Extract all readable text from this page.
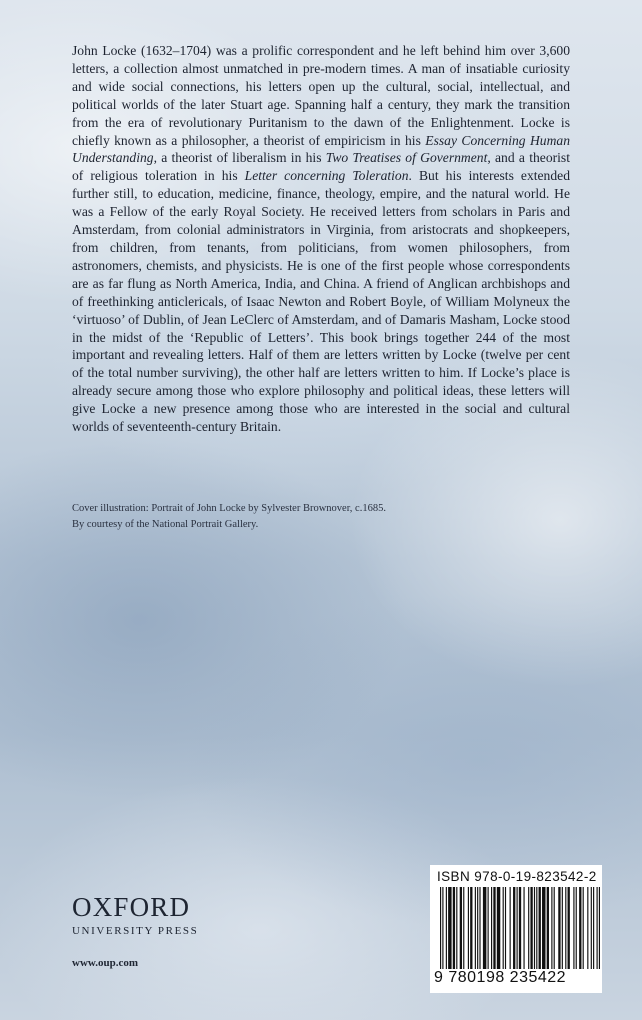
John Locke (1632–1704) was a prolific correspondent and he left behind him over 3,600 letters, a collection almost unmatched in pre-modern times. A man of insatiable curiosity and wide social connections, his letters open up the cultural, social, intellectual, and political worlds of the later Stuart age. Spanning half a century, they mark the transition from the era of revolutionary Puritanism to the dawn of the Enlightenment. Locke is chiefly known as a philosopher, a theorist of empiricism in his Essay Concerning Human Understanding, a theorist of liberalism in his Two Treatises of Government, and a theorist of religious toleration in his Letter concerning Toleration. But his interests extended further still, to education, medicine, finance, theology, empire, and the natural world. He was a Fellow of the early Royal Society. He received letters from scholars in Paris and Amsterdam, from colonial administrators in Virginia, from aristocrats and shopkeepers, from children, from tenants, from politicians, from women philosophers, from astronomers, chemists, and physicists. He is one of the first people whose correspondents are as far flung as North America, India, and China. A friend of Anglican archbishops and of freethinking anticlericals, of Isaac Newton and Robert Boyle, of William Molyneux the ‘virtuoso’ of Dublin, of Jean LeClerc of Amsterdam, and of Damaris Masham, Locke stood in the midst of the ‘Republic of Letters’. This book brings together 244 of the most important and revealing letters. Half of them are letters written by Locke (twelve per cent of the total number surviving), the other half are letters written to him. If Locke’s place is already secure among those who explore philosophy and political ideas, these letters will give Locke a new presence among those who are interested in the social and cultural worlds of seventeenth-century Britain.

Cover illustration: Portrait of John Locke by Sylvester Brownover, c.1685.
By courtesy of the National Portrait Gallery.
OXFORD
UNIVERSITY PRESS
www.oup.com
ISBN 978-0-19-823542-2
9 780198 235422
